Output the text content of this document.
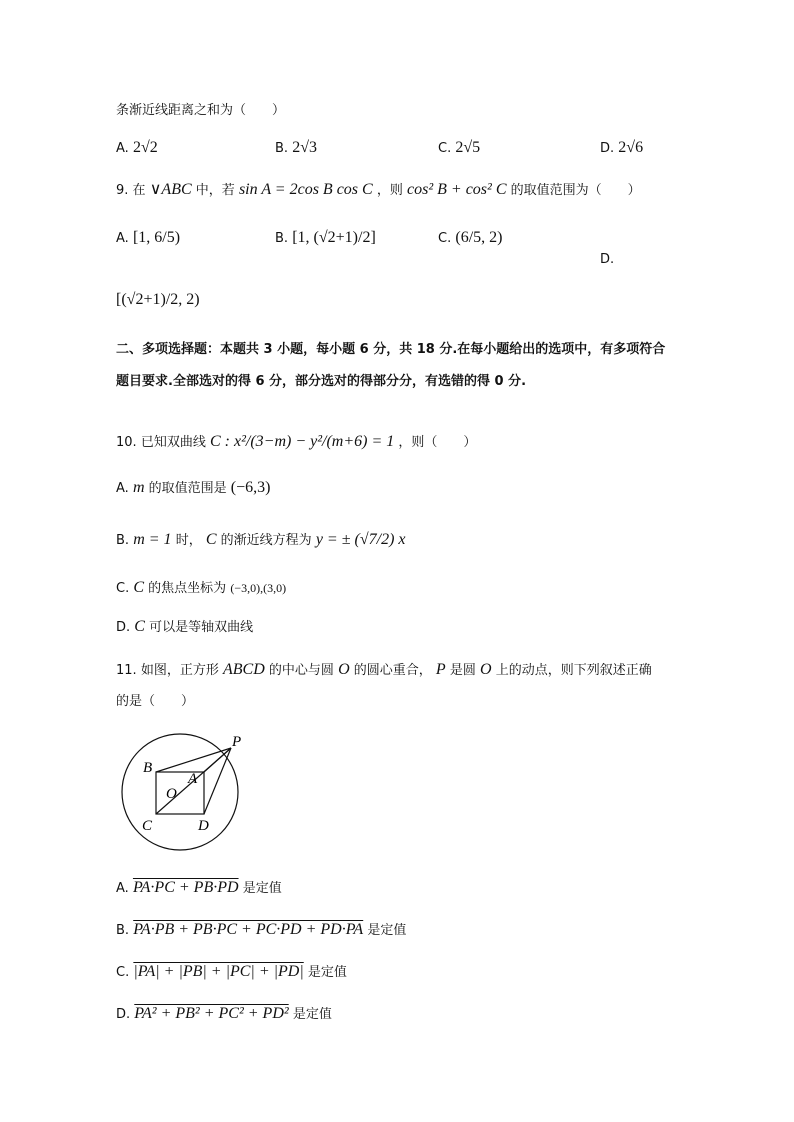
条渐近线距离之和为（　　）
A. 2√2	B. 2√3	C. 2√5	D. 2√6
9. 在 ∨ABC 中，若 sin A = 2cos B cos C ，则 cos² B + cos² C 的取值范围为（　　）
A. [1, 6/5)	B. [1, (√2+1)/2]	C. (6/5, 2)
D.
[(√2+1)/2, 2)
二、多项选择题：本题共 3 小题，每小题 6 分，共 18 分.在每小题给出的选项中，有多项符合
题目要求.全部选对的得 6 分，部分选对的得部分分，有选错的得 0 分.
10. 已知双曲线 C : x²/(3−m) − y²/(m+6) = 1 ，则（　　）
A. m 的取值范围是 (−6,3)
B. m = 1 时， C 的渐近线方程为 y = ± (√7/2) x
C. C 的焦点坐标为 (−3,0),(3,0)
D. C 可以是等轴双曲线
11. 如图，正方形 ABCD 的中心与圆 O 的圆心重合， P 是圆 O 上的动点，则下列叙述正确
的是（　　）
P
B
A
O
C	D
A. PA·PC + PB·PD 是定值
B. PA·PB + PB·PC + PC·PD + PD·PA 是定值
C. |PA| + |PB| + |PC| + |PD| 是定值
D. PA² + PB² + PC² + PD² 是定值
